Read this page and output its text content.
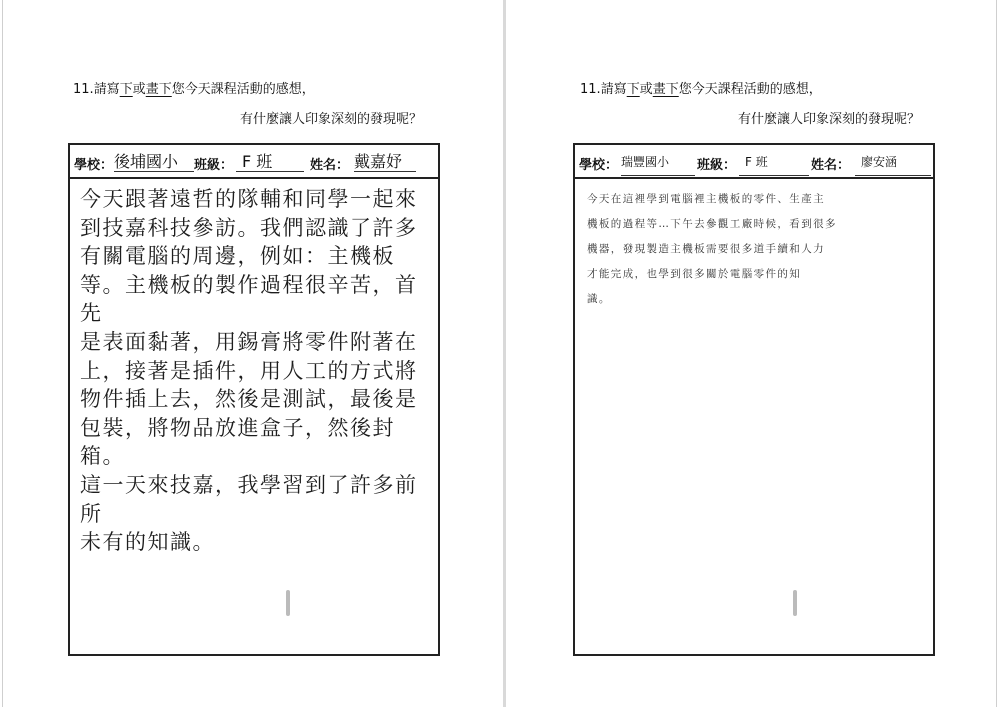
11.請寫下或畫下您今天課程活動的感想，
有什麼讓人印象深刻的發現呢？
學校： 後埔國小	班級： F 班	姓名： 戴嘉妤
今天跟著遠哲的隊輔和同學一起來
到技嘉科技參訪。我們認識了許多
有關電腦的周邊，例如：主機板
等。主機板的製作過程很辛苦，首先
是表面黏著，用錫膏將零件附著在
上，接著是插件，用人工的方式將
物件插上去，然後是測試，最後是
包裝，將物品放進盒子，然後封箱。
這一天來技嘉，我學習到了許多前所
未有的知識。
11.請寫下或畫下您今天課程活動的感想，
有什麼讓人印象深刻的發現呢？
學校： 瑞豐國小	班級： F 班	姓名： 廖安涵
今天在這裡學到電腦裡主機板的零件、生產主
機板的過程等…下午去參觀工廠時候，看到很多
機器，發現製造主機板需要很多道手續和人力
才能完成，也學到很多關於電腦零件的知
識。
